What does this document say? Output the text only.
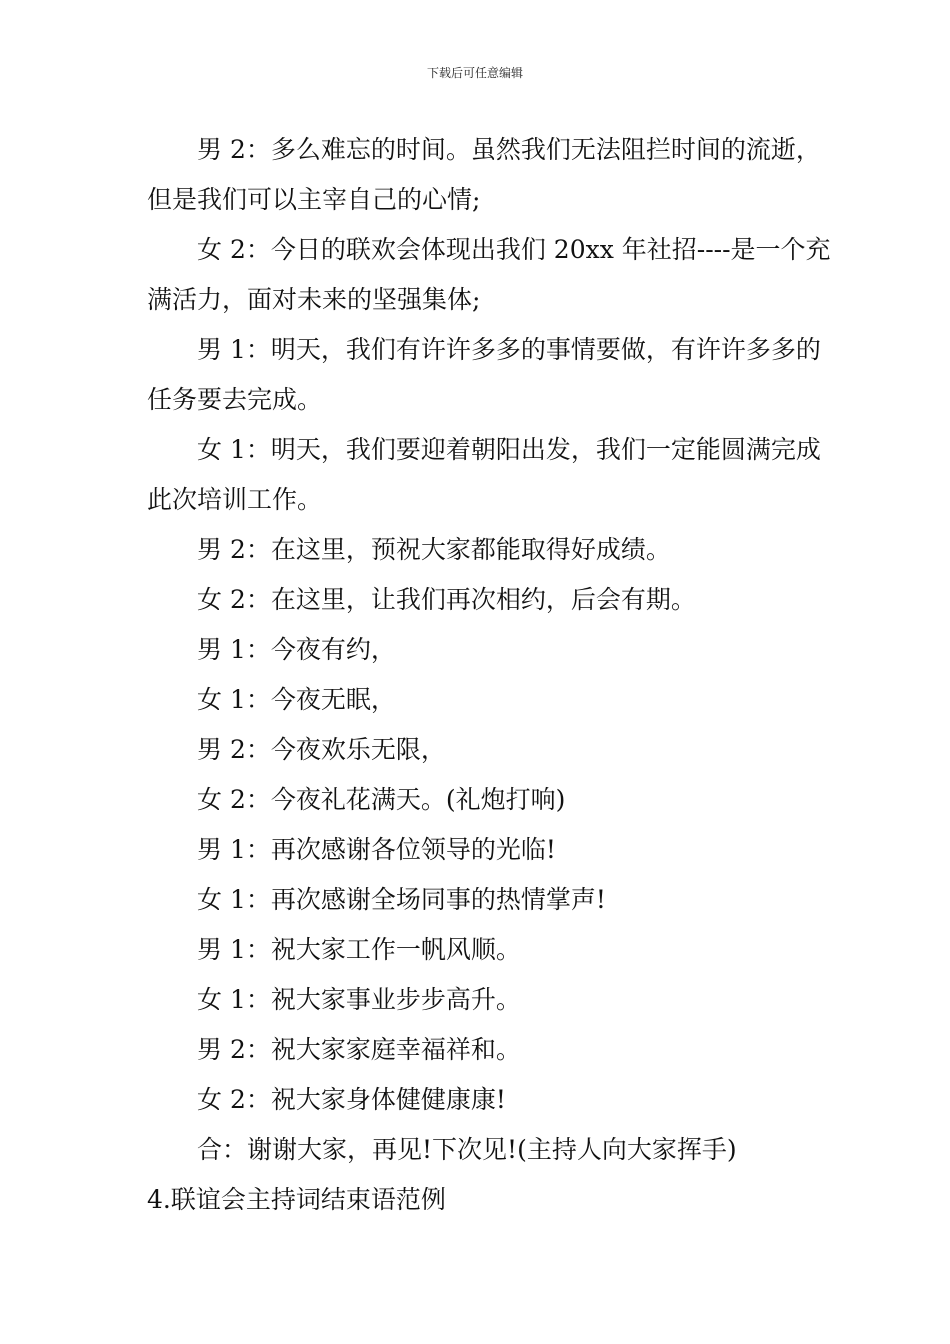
下载后可任意编辑

男 2：多么难忘的时间。虽然我们无法阻拦时间的流逝，但是我们可以主宰自己的心情;

女 2：今日的联欢会体现出我们 20xx 年社招----是一个充满活力，面对未来的坚强集体;

男 1：明天，我们有许许多多的事情要做，有许许多多的任务要去完成。

女 1：明天，我们要迎着朝阳出发，我们一定能圆满完成此次培训工作。

男 2：在这里，预祝大家都能取得好成绩。

女 2：在这里，让我们再次相约，后会有期。

男 1：今夜有约，

女 1：今夜无眠，

男 2：今夜欢乐无限，

女 2：今夜礼花满天。(礼炮打响)

男 1：再次感谢各位领导的光临!

女 1：再次感谢全场同事的热情掌声!

男 1：祝大家工作一帆风顺。

女 1：祝大家事业步步高升。

男 2：祝大家家庭幸福祥和。

女 2：祝大家身体健健康康!

合：谢谢大家，再见!下次见!(主持人向大家挥手)

4.联谊会主持词结束语范例
